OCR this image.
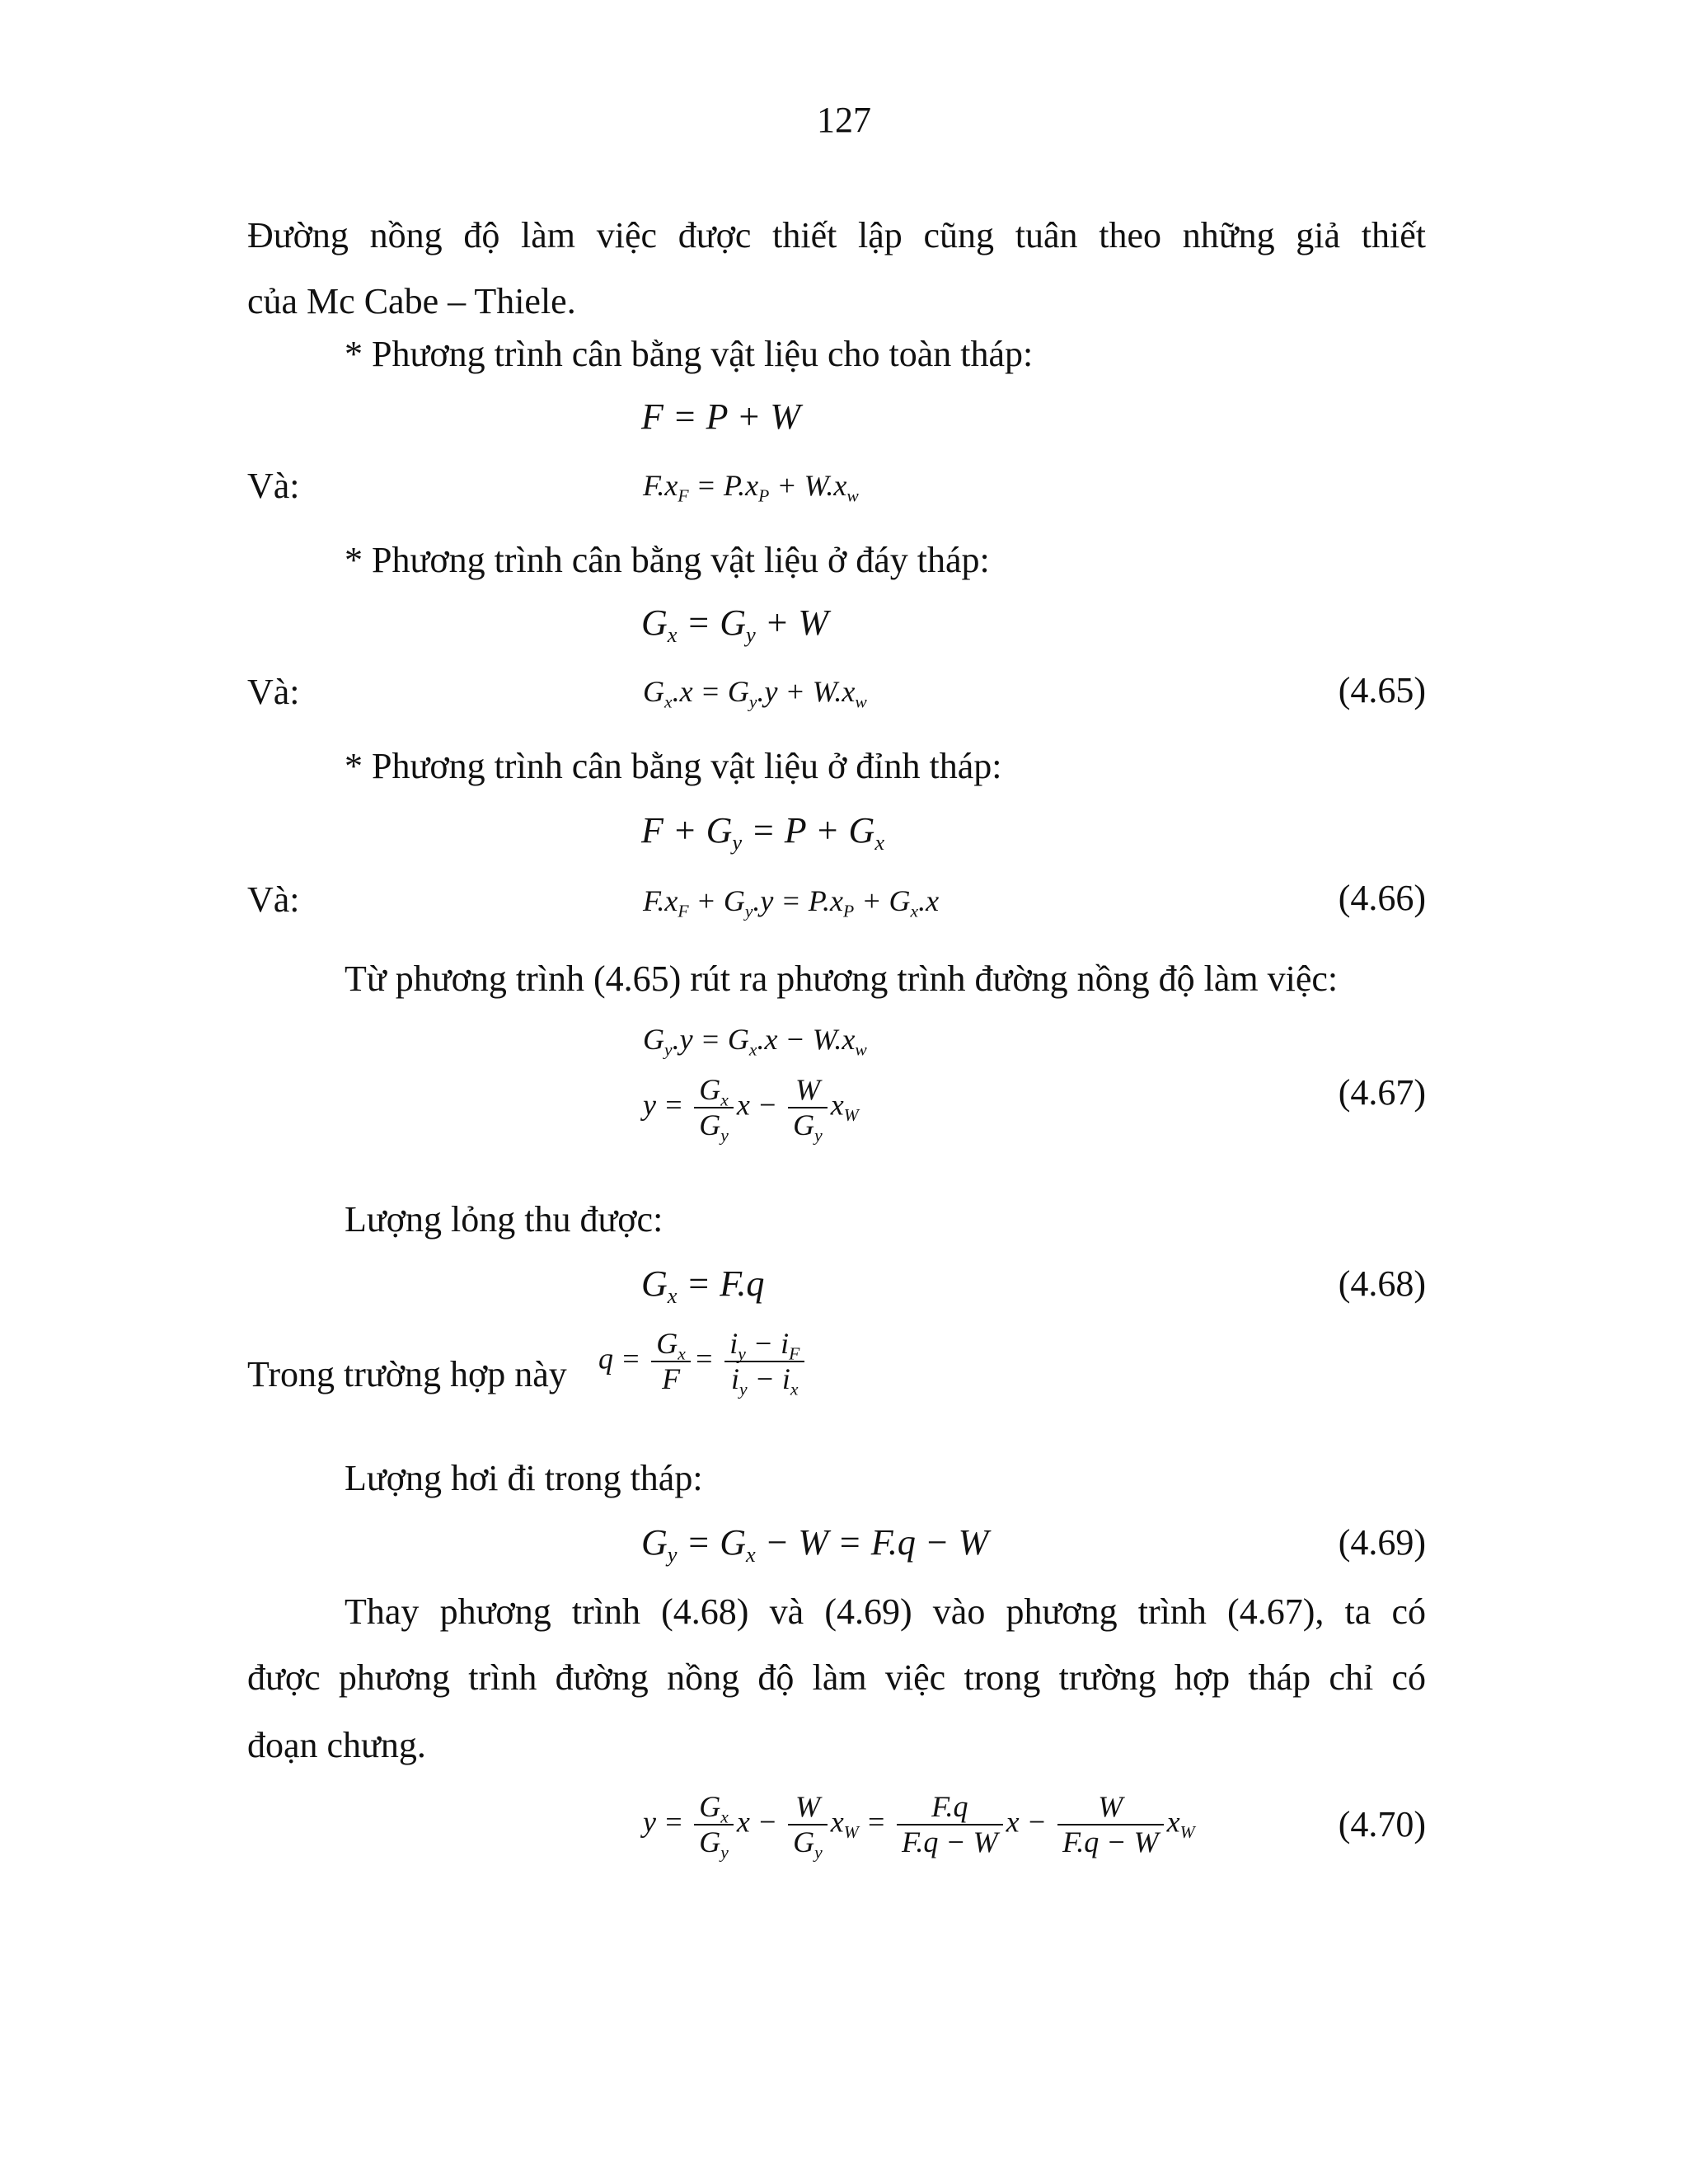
127
Đường nồng độ làm việc được thiết lập cũng tuân theo những giả thiết
của Mc Cabe – Thiele.
* Phương trình cân bằng vật liệu cho toàn tháp:
F = P + W
Và:	$F.x_F = P.x_P + W.x_w$
* Phương trình cân bằng vật liệu ở đáy tháp:
$G_x = G_y + W$
Và:	$G_x.x = G_y.y + W.x_w$	(4.65)
* Phương trình cân bằng vật liệu ở đỉnh tháp:
$F + G_y = P + G_x$
Và:	$F.x_F + G_y.y = P.x_P + G_x.x$	(4.66)
Từ phương trình (4.65) rút ra phương trình đường nồng độ làm việc:
$G_y.y = G_x.x - W.x_w$
$y = \frac{G_x}{G_y}$ $x - \frac{W}{G_y} x_W$
(4.67)
Lượng lỏng thu được:
$G_x = F.q$	(4.68)
Trong trường hợp này $q = \frac{G_x}{F} = \frac{i_y - i_F}{i_y - i_x}$
Lượng hơi đi trong tháp:
$G_y = G_x - W = F.q - W$	(4.69)
Thay phương trình (4.68) và (4.69) vào phương trình (4.67), ta có
được phương trình đường nồng độ làm việc trong trường hợp tháp chỉ có
đoạn chưng.
$y = \frac{G_x}{G_y}$ $x - \frac{W}{G_y} x_W = \frac{F.q}{F.q - W}$ $x - \frac{W}{F.q - W} x_W$	(4.70)
